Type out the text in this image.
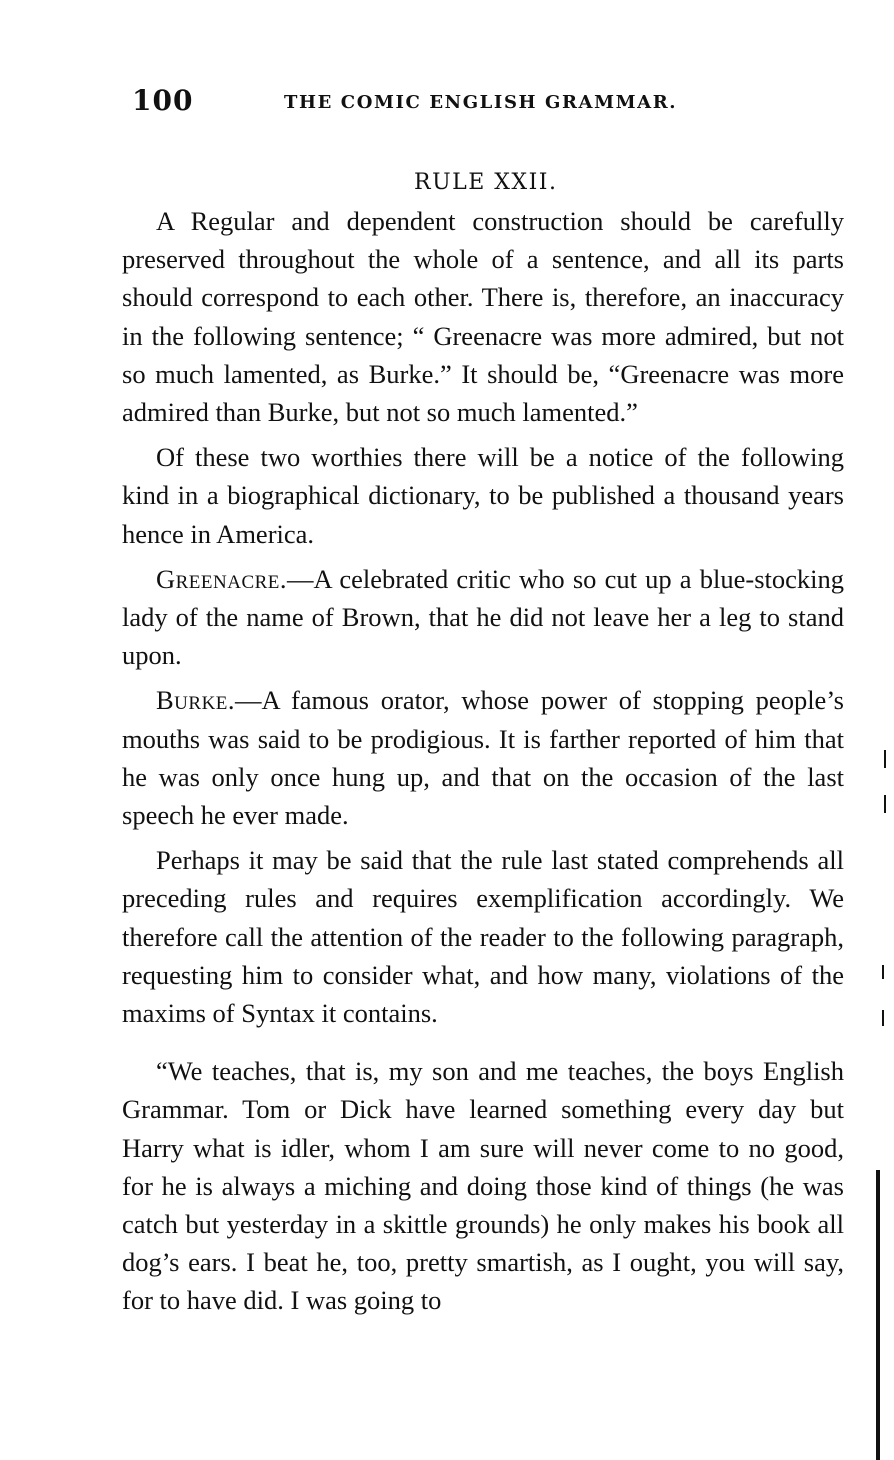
100	THE COMIC ENGLISH GRAMMAR.
RULE XXII.

A Regular and dependent construction should be carefully preserved throughout the whole of a sentence, and all its parts should correspond to each other. There is, therefore, an inaccuracy in the following sentence; “ Greenacre was more admired, but not so much lamented, as Burke.” It should be, “Greenacre was more admired than Burke, but not so much lamented.”

Of these two worthies there will be a notice of the following kind in a biographical dictionary, to be published a thousand years hence in America.

Greenacre.—A celebrated critic who so cut up a blue-stocking lady of the name of Brown, that he did not leave her a leg to stand upon.

Burke.—A famous orator, whose power of stopping people’s mouths was said to be prodigious. It is farther reported of him that he was only once hung up, and that on the occasion of the last speech he ever made.

Perhaps it may be said that the rule last stated comprehends all preceding rules and requires exemplification accordingly. We therefore call the attention of the reader to the following paragraph, requesting him to consider what, and how many, violations of the maxims of Syntax it contains.

“We teaches, that is, my son and me teaches, the boys English Grammar. Tom or Dick have learned something every day but Harry what is idler, whom I am sure will never come to no good, for he is always a miching and doing those kind of things (he was catch but yesterday in a skittle grounds) he only makes his book all dog’s ears. I beat he, too, pretty smartish, as I ought, you will say, for to have did. I was going to
